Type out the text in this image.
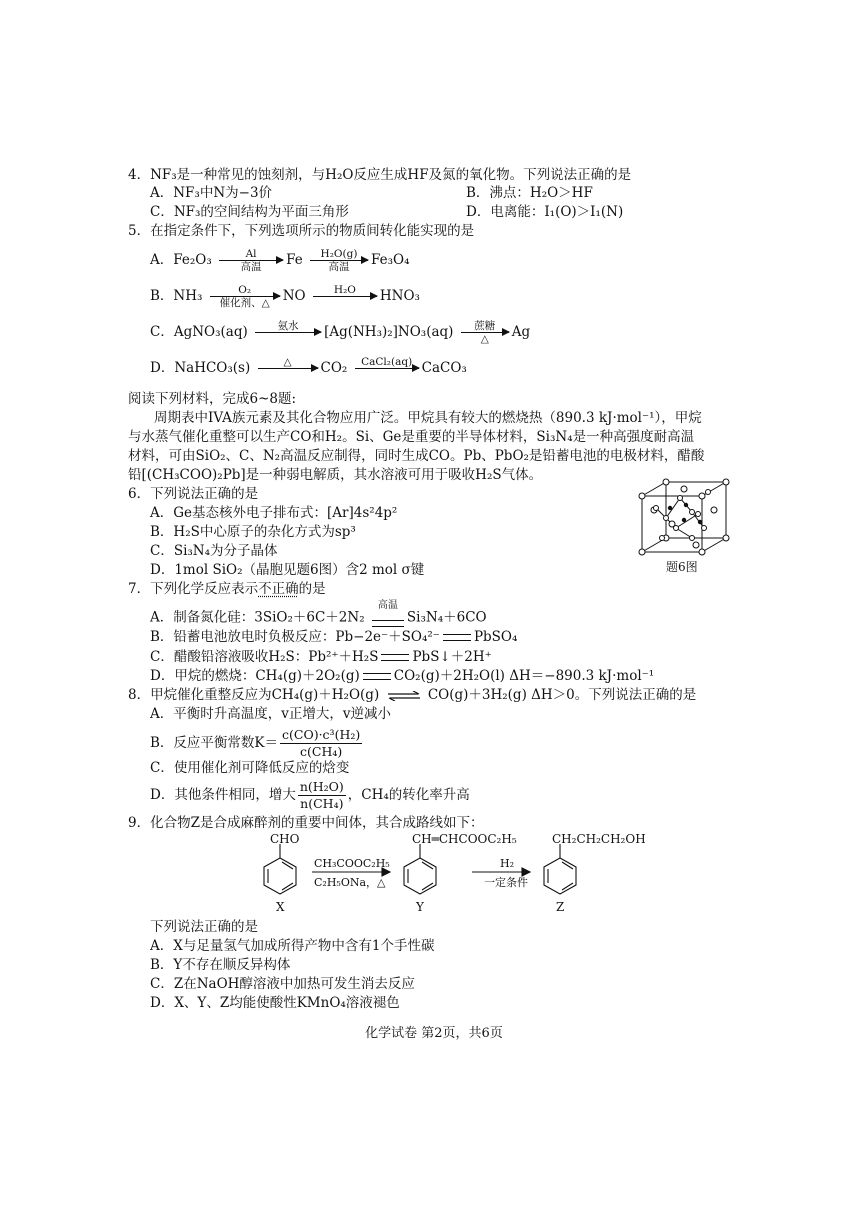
4．NF₃是一种常见的蚀刻剂，与H₂O反应生成HF及氮的氧化物。下列说法正确的是
A．NF₃中N为−3价	B．沸点：H₂O＞HF
C．NF₃的空间结构为平面三角形	D．电离能：I₁(O)＞I₁(N)
5．在指定条件下，下列选项所示的物质间转化能实现的是
A．Fe₂O₃	Al
高温	Fe	H₂O(g)
高温	Fe₃O₄
B．NH₃	O₂
催化剂、△ NO	H₂O
	HNO₃
C．AgNO₃(aq)	氨水
	[Ag(NH₃)₂]NO₃(aq)	蔗糖
△	Ag
D．NaHCO₃(s)	△
	CO₂	CaCl₂(aq)
CaCO₃
阅读下列材料，完成6~8题:
周期表中IVA族元素及其化合物应用广泛。甲烷具有较大的燃烧热（890.3 kJ·mol⁻¹），甲烷
与水蒸气催化重整可以生产CO和H₂。Si、Ge是重要的半导体材料，Si₃N₄是一种高强度耐高温
材料，可由SiO₂、C、N₂高温反应制得，同时生成CO。Pb、PbO₂是铅蓄电池的电极材料，醋酸
铅[(CH₃COO)₂Pb]是一种弱电解质，其水溶液可用于吸收H₂S气体。
6．下列说法正确的是
A．Ge基态核外电子排布式：[Ar]4s²4p²
B．H₂S中心原子的杂化方式为sp³
C．Si₃N₄为分子晶体
D．1mol SiO₂（晶胞见题6图）含2 mol σ键	题6图
7．下列化学反应表示不正确的是
A．制备氮化硅：3SiO₂＋6C＋2N₂
高温
Si₃N₄＋6CO
B．铅蓄电池放电时负极反应：Pb−2e⁻＋SO₄²⁻	PbSO₄
C．醋酸铅溶液吸收H₂S：Pb²⁺＋H₂S	PbS↓＋2H⁺
D．甲烷的燃烧：CH₄(g)＋2O₂(g)	CO₂(g)＋2H₂O(l) ΔH＝−890.3 kJ·mol⁻¹
8．甲烷催化重整反应为CH₄(g)＋H₂O(g) ⇌ CO(g)＋3H₂(g) ΔH＞0。下列说法正确的是
A．平衡时升高温度，v正增大，v逆减小
B．反应平衡常数$K= \frac{\text{c(CO)·c³(H₂)}}{\text{c(CH₄)}}$
C．使用催化剂可降低反应的焓变
D．其他条件相同，增大 $\frac{\text{n(H₂O)}}{\text{n(CH₄)}}$ ，CH₄的转化率升高
9．化合物Z是合成麻醉剂的重要中间体，其合成路线如下：
CHO	CH═CHCOOC₂H₅	CH₂CH₂CH₂OH
CH₃COOC₂H₅
C₂H₅ONa，△
H₂
一定条件
X	Y	Z
下列说法正确的是
A．X与足量氢气加成所得产物中含有1个手性碳
B．Y不存在顺反异构体
C．Z在NaOH醇溶液中加热可发生消去反应
D．X、Y、Z均能使酸性KMnO₄溶液褪色
化学试卷 第2页，共6页
